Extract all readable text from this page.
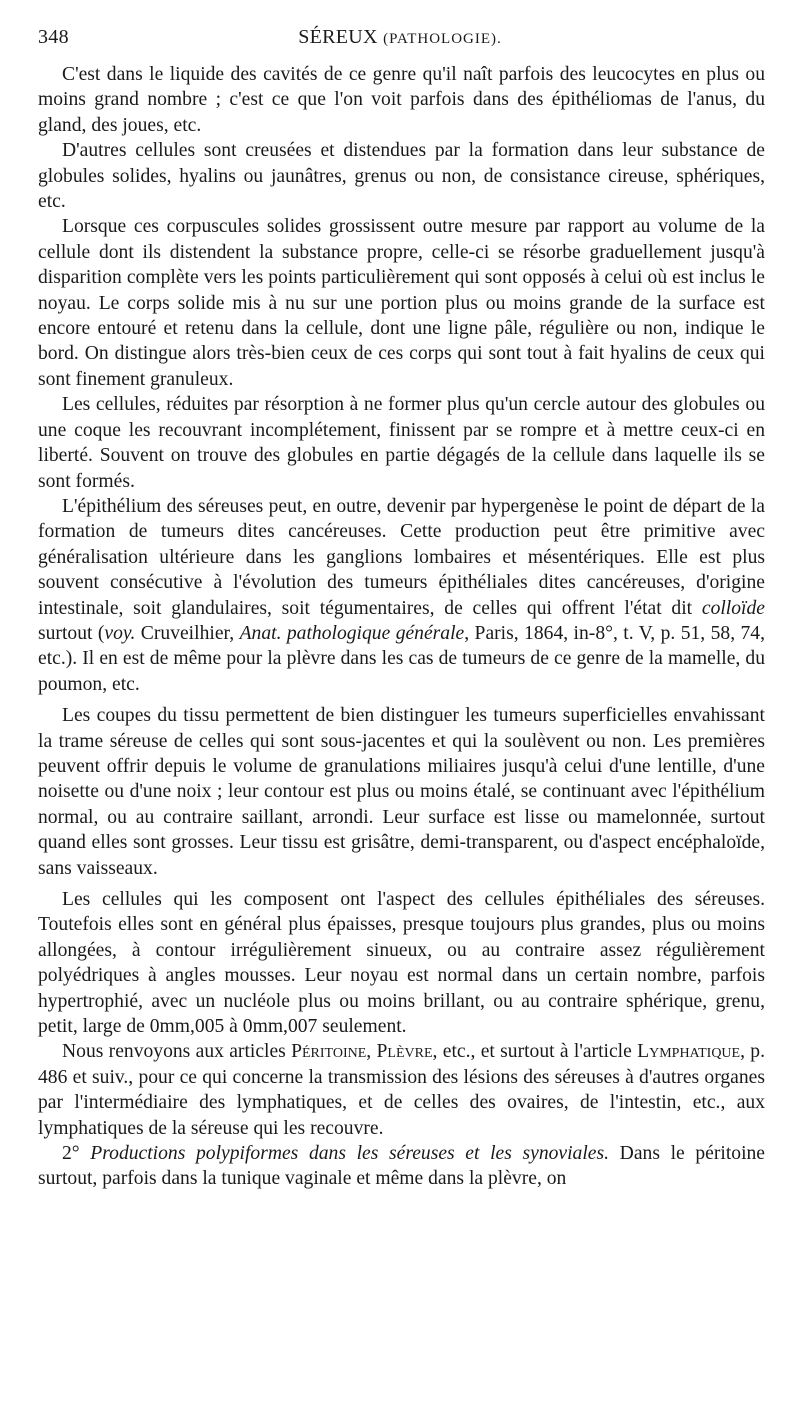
348	SÉREUX (PATHOLOGIE).

C'est dans le liquide des cavités de ce genre qu'il naît parfois des leucocytes en plus ou moins grand nombre ; c'est ce que l'on voit parfois dans des épithéliomas de l'anus, du gland, des joues, etc.

D'autres cellules sont creusées et distendues par la formation dans leur substance de globules solides, hyalins ou jaunâtres, grenus ou non, de consistance cireuse, sphériques, etc.

Lorsque ces corpuscules solides grossissent outre mesure par rapport au volume de la cellule dont ils distendent la substance propre, celle-ci se résorbe graduellement jusqu'à disparition complète vers les points particulièrement qui sont opposés à celui où est inclus le noyau. Le corps solide mis à nu sur une portion plus ou moins grande de la surface est encore entouré et retenu dans la cellule, dont une ligne pâle, régulière ou non, indique le bord. On distingue alors très-bien ceux de ces corps qui sont tout à fait hyalins de ceux qui sont finement granuleux.

Les cellules, réduites par résorption à ne former plus qu'un cercle autour des globules ou une coque les recouvrant incomplétement, finissent par se rompre et à mettre ceux-ci en liberté. Souvent on trouve des globules en partie dégagés de la cellule dans laquelle ils se sont formés.

L'épithélium des séreuses peut, en outre, devenir par hypergenèse le point de départ de la formation de tumeurs dites cancéreuses. Cette production peut être primitive avec généralisation ultérieure dans les ganglions lombaires et mésentériques. Elle est plus souvent consécutive à l'évolution des tumeurs épithéliales dites cancéreuses, d'origine intestinale, soit glandulaires, soit tégumentaires, de celles qui offrent l'état dit colloïde surtout (voy. Cruveilhier, Anat. pathologique générale, Paris, 1864, in-8°, t. V, p. 51, 58, 74, etc.). Il en est de même pour la plèvre dans les cas de tumeurs de ce genre de la mamelle, du poumon, etc.

Les coupes du tissu permettent de bien distinguer les tumeurs superficielles envahissant la trame séreuse de celles qui sont sous-jacentes et qui la soulèvent ou non. Les premières peuvent offrir depuis le volume de granulations miliaires jusqu'à celui d'une lentille, d'une noisette ou d'une noix ; leur contour est plus ou moins étalé, se continuant avec l'épithélium normal, ou au contraire saillant, arrondi. Leur surface est lisse ou mamelonnée, surtout quand elles sont grosses. Leur tissu est grisâtre, demi-transparent, ou d'aspect encéphaloïde, sans vaisseaux.

Les cellules qui les composent ont l'aspect des cellules épithéliales des séreuses. Toutefois elles sont en général plus épaisses, presque toujours plus grandes, plus ou moins allongées, à contour irrégulièrement sinueux, ou au contraire assez régulièrement polyédriques à angles mousses. Leur noyau est normal dans un certain nombre, parfois hypertrophié, avec un nucléole plus ou moins brillant, ou au contraire sphérique, grenu, petit, large de 0mm,005 à 0mm,007 seulement.

Nous renvoyons aux articles Péritoine, Plèvre, etc., et surtout à l'article Lymphatique, p. 486 et suiv., pour ce qui concerne la transmission des lésions des séreuses à d'autres organes par l'intermédiaire des lymphatiques, et de celles des ovaires, de l'intestin, etc., aux lymphatiques de la séreuse qui les recouvre.

2° Productions polypiformes dans les séreuses et les synoviales. Dans le péritoine surtout, parfois dans la tunique vaginale et même dans la plèvre, on
